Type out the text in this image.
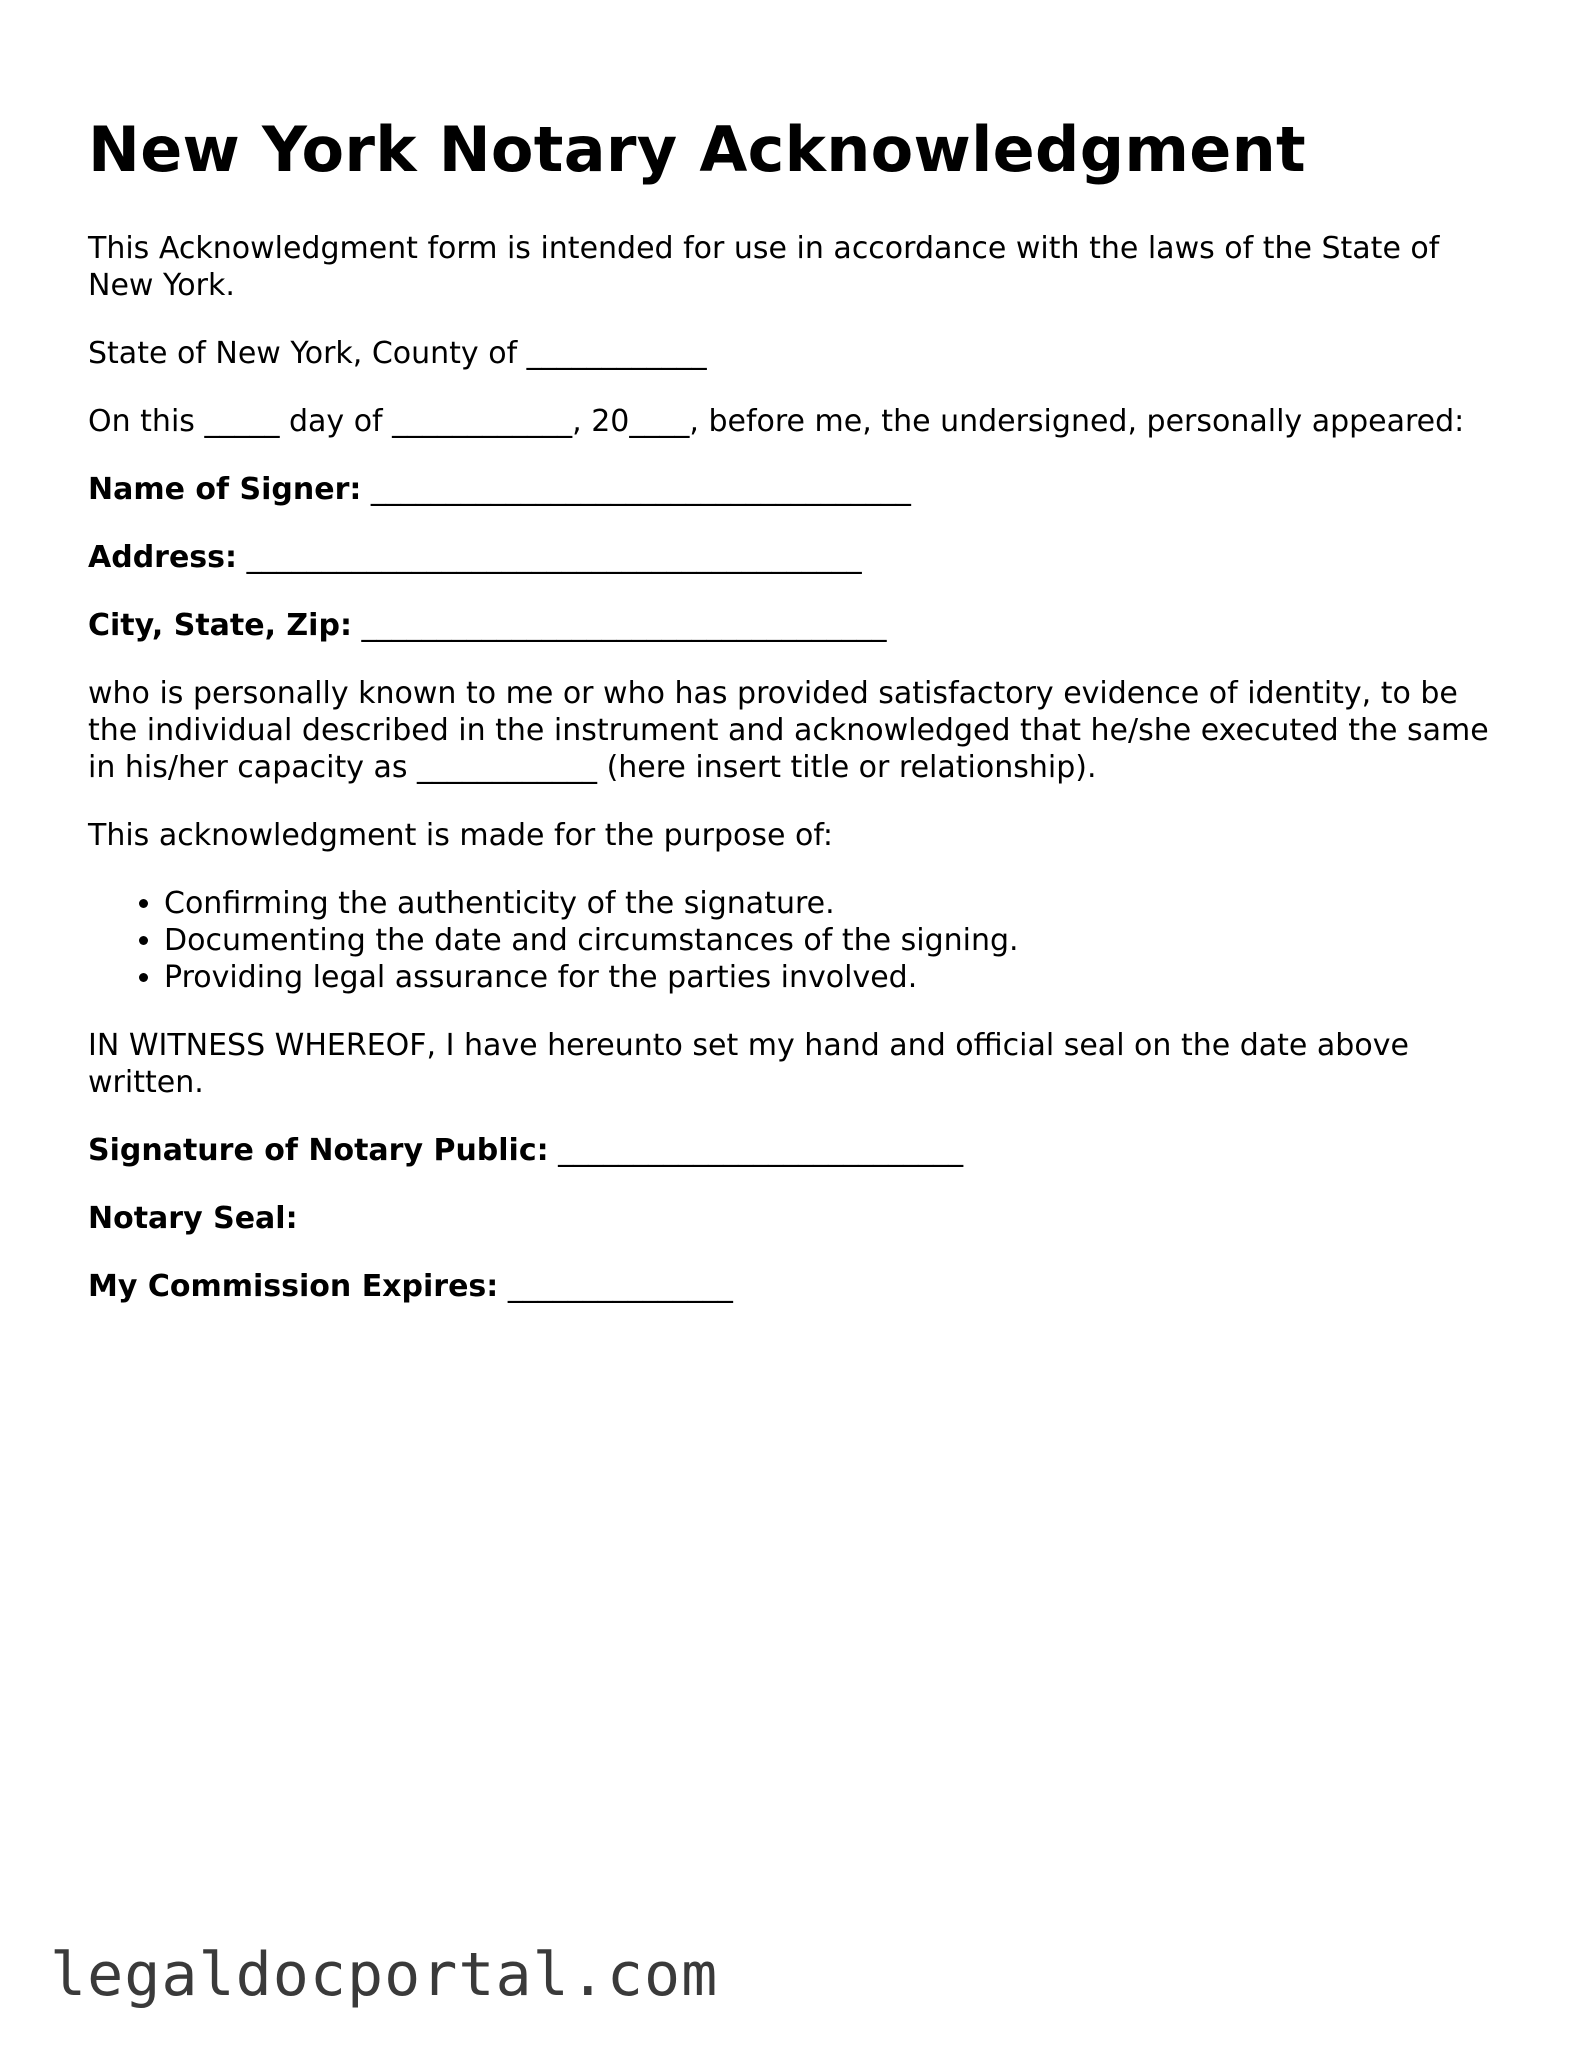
New York Notary Acknowledgment

This Acknowledgment form is intended for use in accordance with the laws of the State of New York.

State of New York, County of ____________

On this _____ day of ____________, 20____, before me, the undersigned, personally appeared:

Name of Signer: ____________________________________

Address: _________________________________________

City, State, Zip: ___________________________________

who is personally known to me or who has provided satisfactory evidence of identity, to be the individual described in the instrument and acknowledged that he/she executed the same in his/her capacity as ____________ (here insert title or relationship).

This acknowledgment is made for the purpose of:

• Confirming the authenticity of the signature.
• Documenting the date and circumstances of the signing.
• Providing legal assurance for the parties involved.

IN WITNESS WHEREOF, I have hereunto set my hand and official seal on the date above written.

Signature of Notary Public: ___________________________

Notary Seal:

My Commission Expires: _______________

legaldocportal.com
